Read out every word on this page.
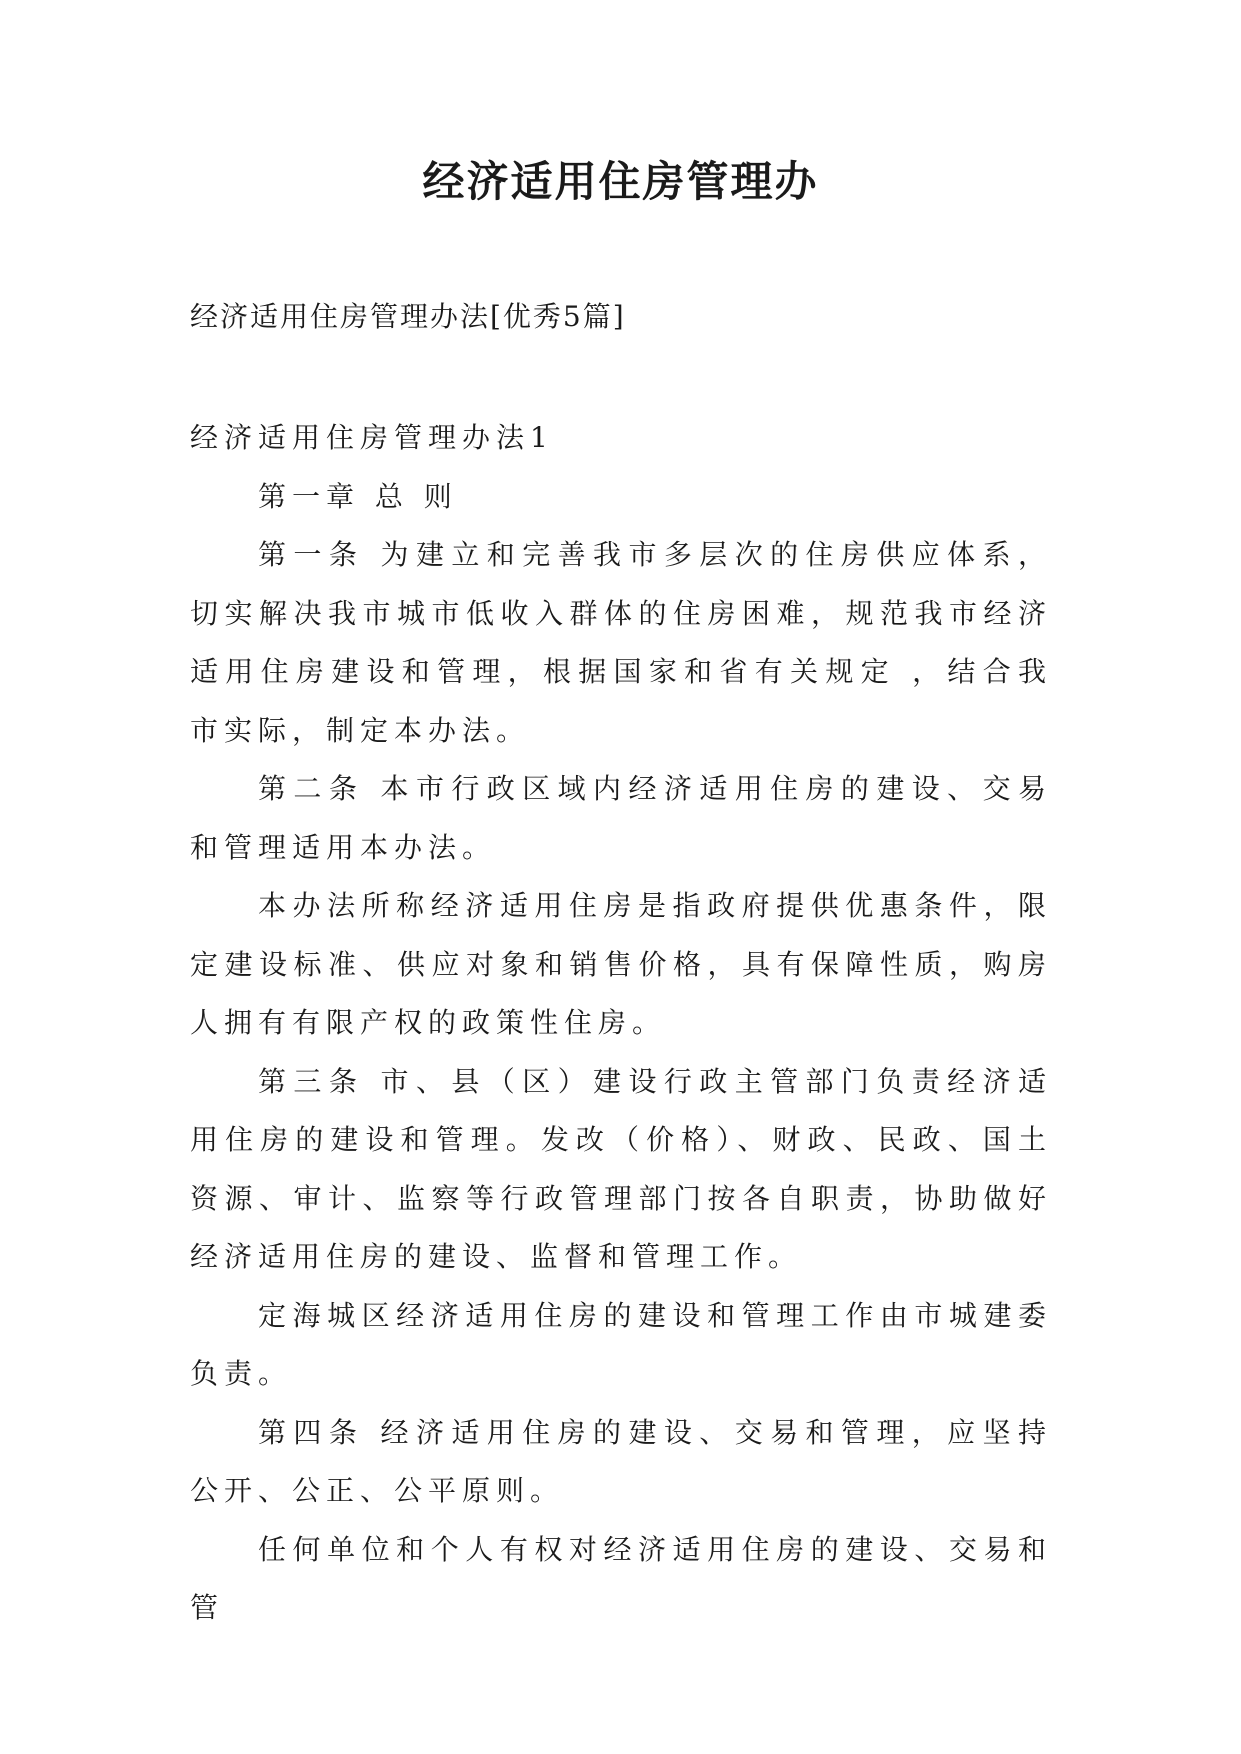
经济适用住房管理办

经济适用住房管理办法[优秀5篇]

经济适用住房管理办法1

第一章 总 则

第一条 为建立和完善我市多层次的住房供应体系，切实解决我市城市低收入群体的住房困难，规范我市经济适用住房建设和管理，根据国家和省有关规定 ，结合我市实际，制定本办法。

第二条 本市行政区域内经济适用住房的建设、交易和管理适用本办法。

本办法所称经济适用住房是指政府提供优惠条件，限定建设标准、供应对象和销售价格，具有保障性质，购房人拥有有限产权的政策性住房。

第三条 市、县（区）建设行政主管部门负责经济适用住房的建设和管理。发改（价格）、财政、民政、国土资源、审计、监察等行政管理部门按各自职责，协助做好经济适用住房的建设、监督和管理工作。

定海城区经济适用住房的建设和管理工作由市城建委负责。

第四条 经济适用住房的建设、交易和管理，应坚持公开、公正、公平原则。

任何单位和个人有权对经济适用住房的建设、交易和管
